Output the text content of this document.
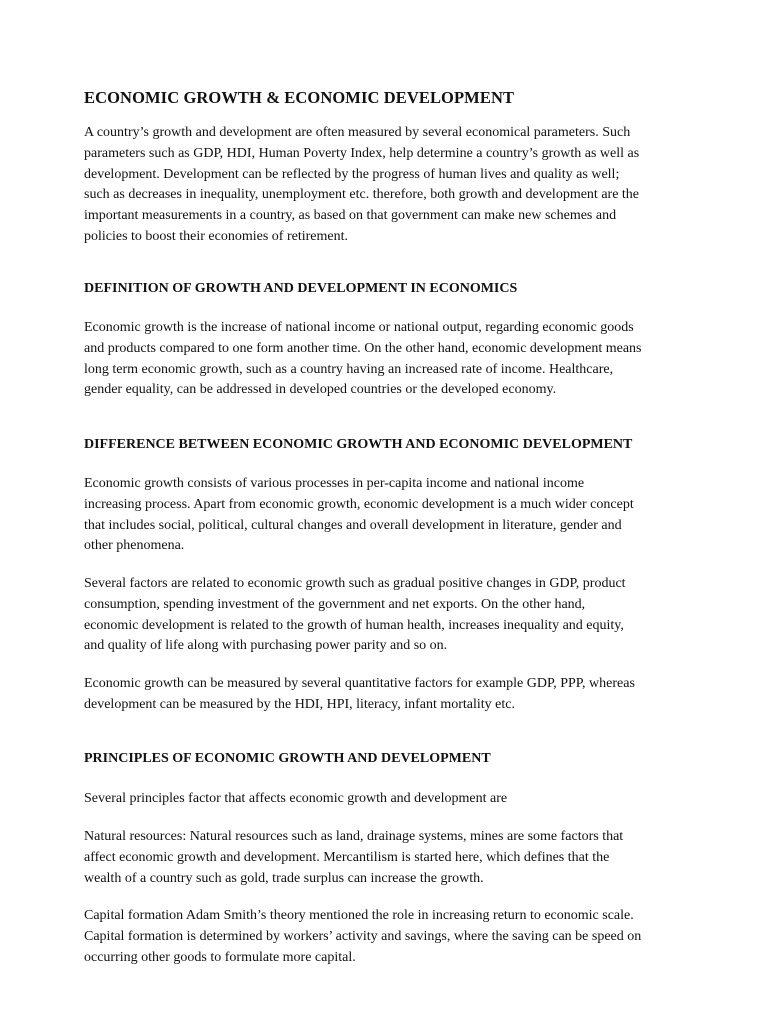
ECONOMIC GROWTH & ECONOMIC DEVELOPMENT

A country’s growth and development are often measured by several economical parameters. Such
parameters such as GDP, HDI, Human Poverty Index, help determine a country’s growth as well as
development. Development can be reflected by the progress of human lives and quality as well;
such as decreases in inequality, unemployment etc. therefore, both growth and development are the
important measurements in a country, as based on that government can make new schemes and
policies to boost their economies of retirement.

DEFINITION OF GROWTH AND DEVELOPMENT IN ECONOMICS

Economic growth is the increase of national income or national output, regarding economic goods
and products compared to one form another time. On the other hand, economic development means
long term economic growth, such as a country having an increased rate of income. Healthcare,
gender equality, can be addressed in developed countries or the developed economy.

DIFFERENCE BETWEEN ECONOMIC GROWTH AND ECONOMIC DEVELOPMENT

Economic growth consists of various processes in per-capita income and national income
increasing process. Apart from economic growth, economic development is a much wider concept
that includes social, political, cultural changes and overall development in literature, gender and
other phenomena.

Several factors are related to economic growth such as gradual positive changes in GDP, product
consumption, spending investment of the government and net exports. On the other hand,
economic development is related to the growth of human health, increases inequality and equity,
and quality of life along with purchasing power parity and so on.

Economic growth can be measured by several quantitative factors for example GDP, PPP, whereas
development can be measured by the HDI, HPI, literacy, infant mortality etc.

PRINCIPLES OF ECONOMIC GROWTH AND DEVELOPMENT

Several principles factor that affects economic growth and development are

Natural resources: Natural resources such as land, drainage systems, mines are some factors that
affect economic growth and development. Mercantilism is started here, which defines that the
wealth of a country such as gold, trade surplus can increase the growth.

Capital formation Adam Smith’s theory mentioned the role in increasing return to economic scale.
Capital formation is determined by workers’ activity and savings, where the saving can be speed on
occurring other goods to formulate more capital.
